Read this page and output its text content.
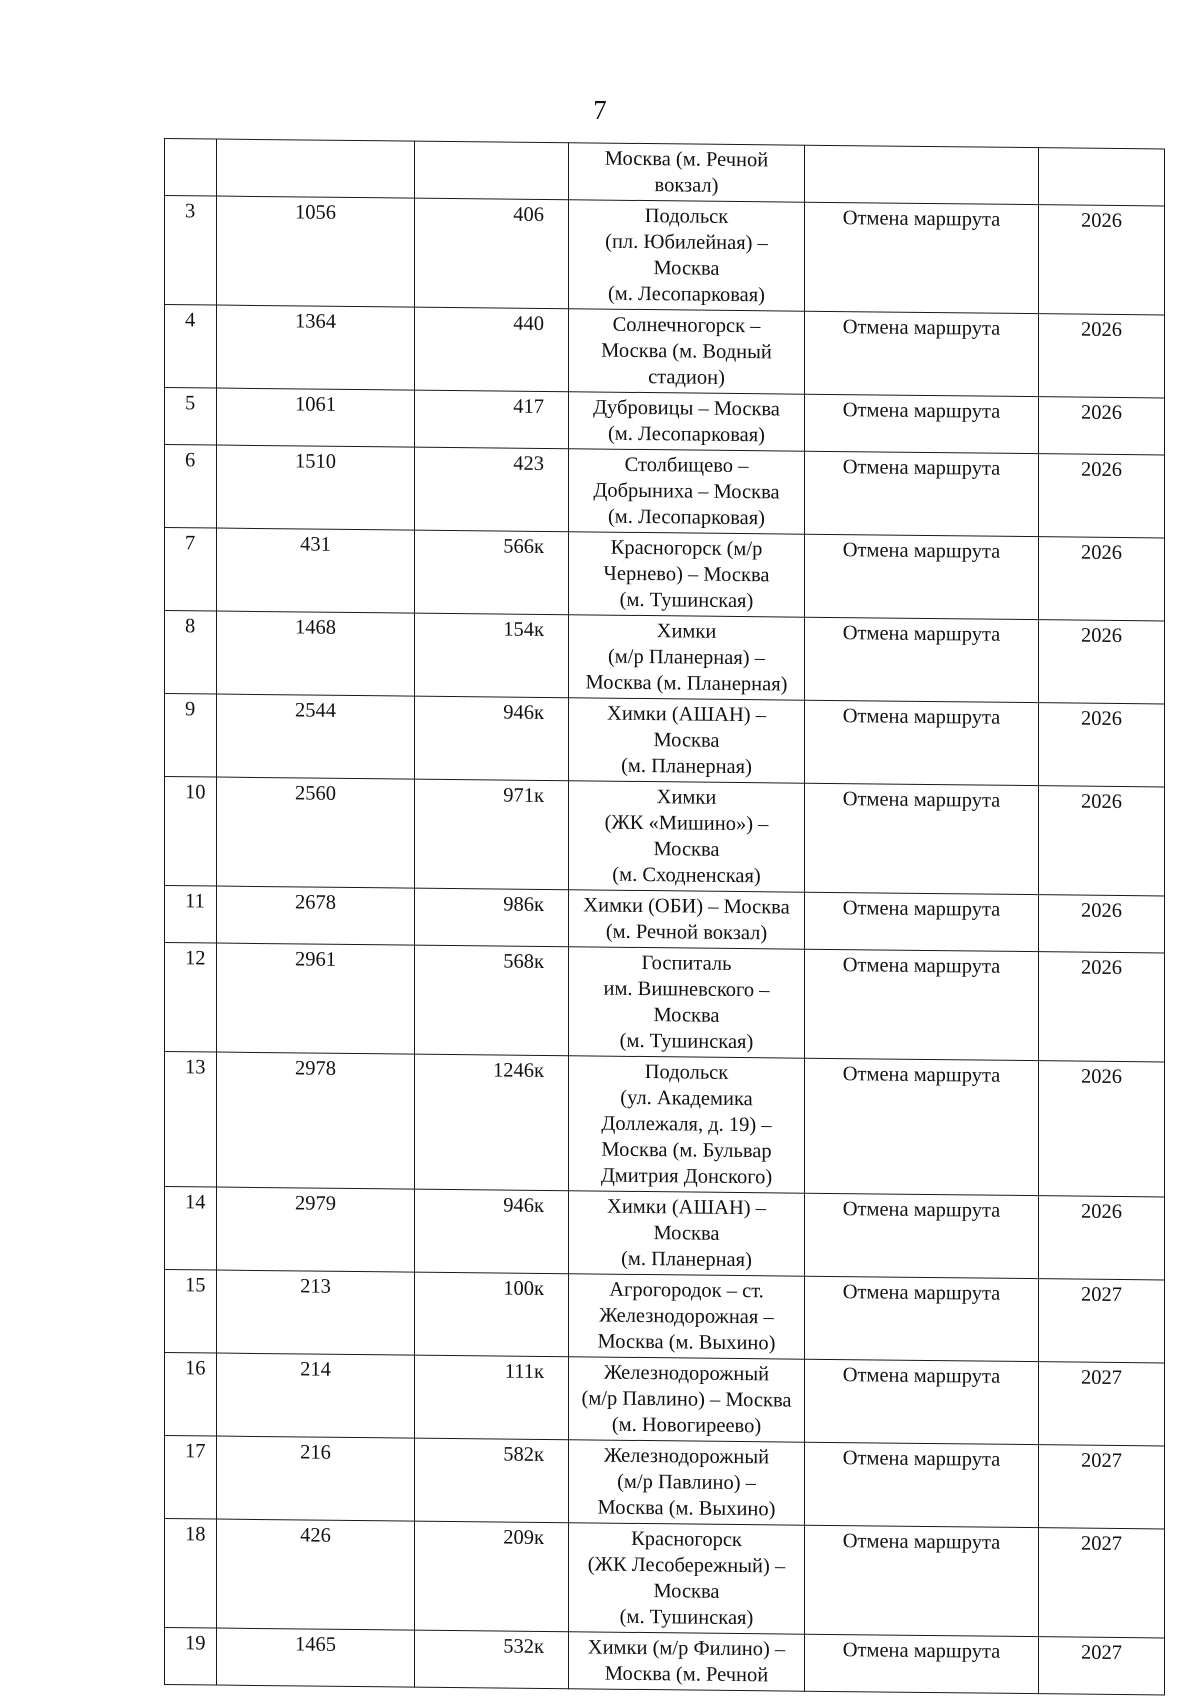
7

			Москва (м. Речной
вокзал)		

3	1056	406	Подольск
(пл. Юбилейная) –
Москва
(м. Лесопарковая)	Отмена маршрута	2026
4	1364	440	Солнечногорск –
Москва (м. Водный
стадион)	Отмена маршрута	2026
5	1061	417	Дубровицы – Москва
(м. Лесопарковая)	Отмена маршрута	2026
6	1510	423	Столбищево –
Добрыниха – Москва
(м. Лесопарковая)	Отмена маршрута	2026
7	431	566к	Красногорск (м/р
Чернево) – Москва
(м. Тушинская)	Отмена маршрута	2026
8	1468	154к	Химки
(м/р Планерная) –
Москва (м. Планерная)	Отмена маршрута	2026
9	2544	946к	Химки (АШАН) –
Москва
(м. Планерная)	Отмена маршрута	2026
10	2560	971к	Химки
(ЖК «Мишино») –
Москва
(м. Сходненская)	Отмена маршрута	2026
11	2678	986к	Химки (ОБИ) – Москва
(м. Речной вокзал)	Отмена маршрута	2026
12	2961	568к	Госпиталь
им. Вишневского –
Москва
(м. Тушинская)	Отмена маршрута	2026
13	2978	1246к	Подольск
(ул. Академика
Доллежаля, д. 19) –
Москва (м. Бульвар
Дмитрия Донского)	Отмена маршрута	2026
14	2979	946к	Химки (АШАН) –
Москва
(м. Планерная)	Отмена маршрута	2026
15	213	100к	Агрогородок – ст.
Железнодорожная –
Москва (м. Выхино)	Отмена маршрута	2027
16	214	111к	Железнодорожный
(м/р Павлино) – Москва
(м. Новогиреево)	Отмена маршрута	2027
17	216	582к	Железнодорожный
(м/р Павлино) –
Москва (м. Выхино)	Отмена маршрута	2027
18	426	209к	Красногорск
(ЖК Лесобережный) –
Москва
(м. Тушинская)	Отмена маршрута	2027
19	1465	532к	Химки (м/р Филино) –
Москва (м. Речной	Отмена маршрута	2027
